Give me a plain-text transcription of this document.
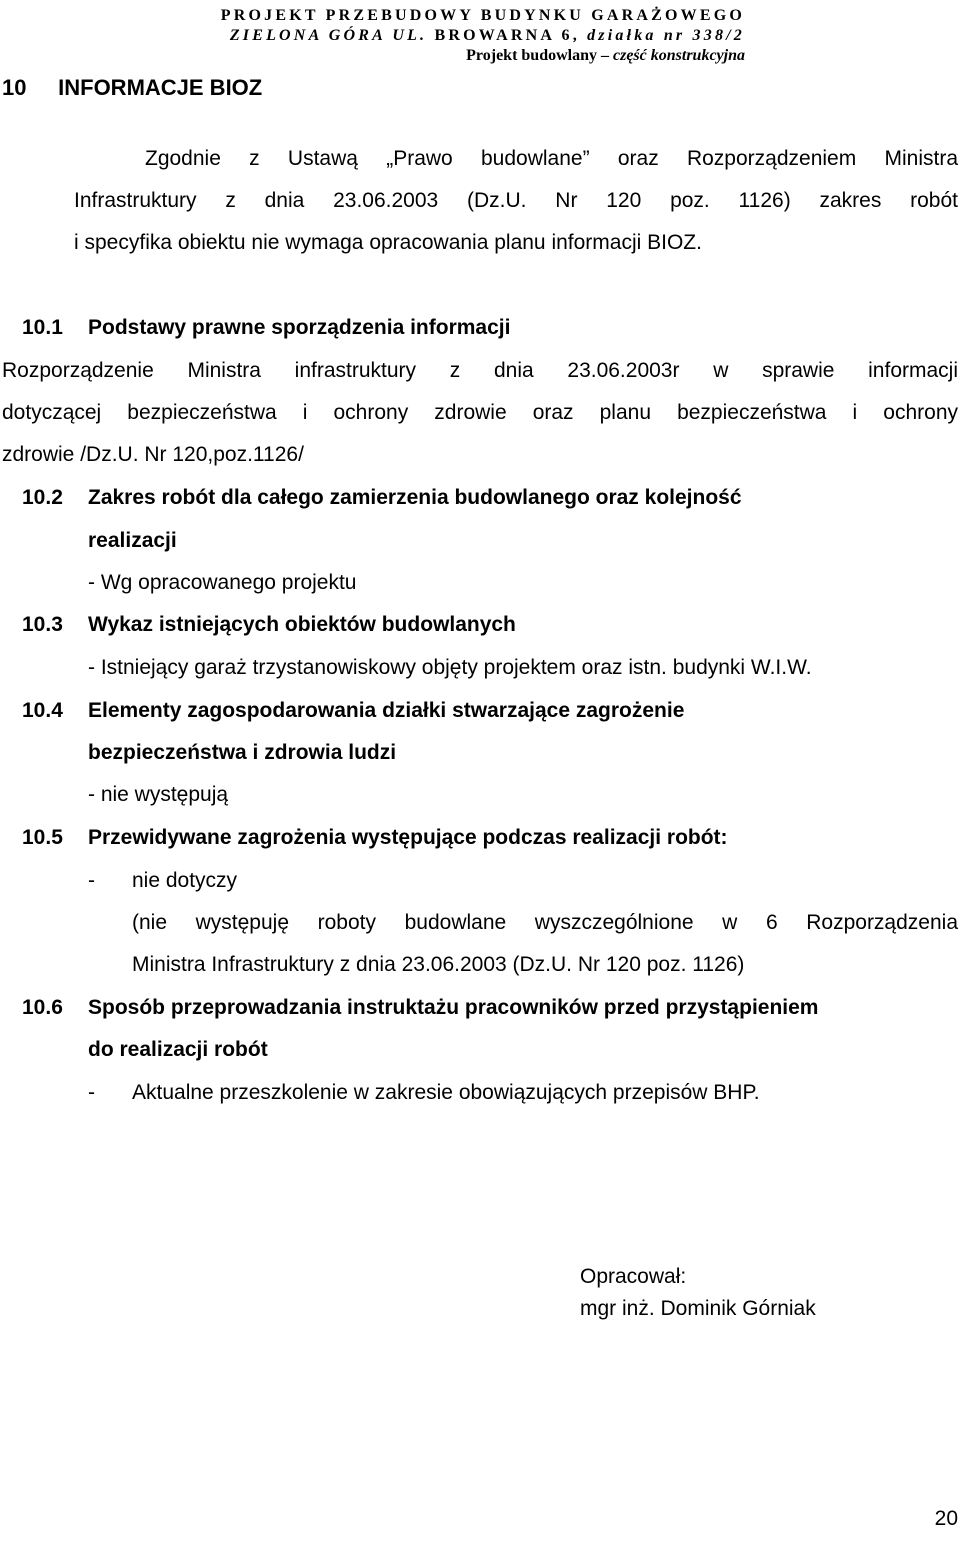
PROJEKT PRZEBUDOWY BUDYNKU GARAŻOWEGO
ZIELONA GÓRA UL. BROWARNA 6, działka nr 338/2
Projekt budowlany – część konstrukcyjna
10 INFORMACJE BIOZ
Zgodnie z Ustawą „Prawo budowlane” oraz Rozporządzeniem Ministra
Infrastruktury z dnia 23.06.2003 (Dz.U. Nr 120 poz. 1126) zakres robót
i specyfika obiektu nie wymaga opracowania planu informacji BIOZ.
10.1 Podstawy prawne sporządzenia informacji
Rozporządzenie Ministra infrastruktury z dnia 23.06.2003r w sprawie informacji
dotyczącej bezpieczeństwa i ochrony zdrowie oraz planu bezpieczeństwa i ochrony
zdrowie /Dz.U. Nr 120,poz.1126/
10.2 Zakres robót dla całego zamierzenia budowlanego oraz kolejność
realizacji
- Wg opracowanego projektu
10.3 Wykaz istniejących obiektów budowlanych
- Istniejący garaż trzystanowiskowy objęty projektem oraz istn. budynki W.I.W.
10.4 Elementy zagospodarowania działki stwarzające zagrożenie
bezpieczeństwa i zdrowia ludzi
- nie występują
10.5 Przewidywane zagrożenia występujące podczas realizacji robót:
- nie dotyczy
(nie występuję roboty budowlane wyszczególnione w 6 Rozporządzenia
Ministra Infrastruktury z dnia 23.06.2003 (Dz.U. Nr 120 poz. 1126)
10.6 Sposób przeprowadzania instruktażu pracowników przed przystąpieniem
do realizacji robót
- Aktualne przeszkolenie w zakresie obowiązujących przepisów BHP.
Opracował:
mgr inż. Dominik Górniak
20
